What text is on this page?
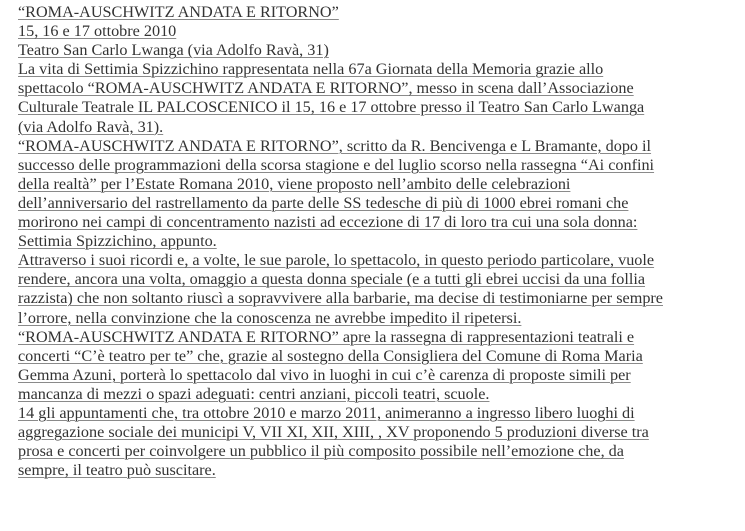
“ROMA-AUSCHWITZ ANDATA E RITORNO”
15, 16 e 17 ottobre 2010
Teatro San Carlo Lwanga (via Adolfo Ravà, 31)
La vita di Settimia Spizzichino rappresentata nella 67a Giornata della Memoria grazie allo
spettacolo “ROMA-AUSCHWITZ ANDATA E RITORNO”, messo in scena dall’Associazione
Culturale Teatrale IL PALCOSCENICO il 15, 16 e 17 ottobre presso il Teatro San Carlo Lwanga
(via Adolfo Ravà, 31).
“ROMA-AUSCHWITZ ANDATA E RITORNO”, scritto da R. Bencivenga e L Bramante, dopo il
successo delle programmazioni della scorsa stagione e del luglio scorso nella rassegna “Ai confini
della realtà” per l’Estate Romana 2010, viene proposto nell’ambito delle celebrazioni
dell’anniversario del rastrellamento da parte delle SS tedesche di più di 1000 ebrei romani che
morirono nei campi di concentramento nazisti ad eccezione di 17 di loro tra cui una sola donna:
Settimia Spizzichino, appunto.
Attraverso i suoi ricordi e, a volte, le sue parole, lo spettacolo, in questo periodo particolare, vuole
rendere, ancora una volta, omaggio a questa donna speciale (e a tutti gli ebrei uccisi da una follia
razzista) che non soltanto riuscì a sopravvivere alla barbarie, ma decise di testimoniarne per sempre
l’orrore, nella convinzione che la conoscenza ne avrebbe impedito il ripetersi.
“ROMA-AUSCHWITZ ANDATA E RITORNO” apre la rassegna di rappresentazioni teatrali e
concerti “C’è teatro per te” che, grazie al sostegno della Consigliera del Comune di Roma Maria
Gemma Azuni, porterà lo spettacolo dal vivo in luoghi in cui c’è carenza di proposte simili per
mancanza di mezzi o spazi adeguati: centri anziani, piccoli teatri, scuole.
14 gli appuntamenti che, tra ottobre 2010 e marzo 2011, animeranno a ingresso libero luoghi di
aggregazione sociale dei municipi V, VII XI, XII, XIII, , XV proponendo 5 produzioni diverse tra
prosa e concerti per coinvolgere un pubblico il più composito possibile nell’emozione che, da
sempre, il teatro può suscitare.
